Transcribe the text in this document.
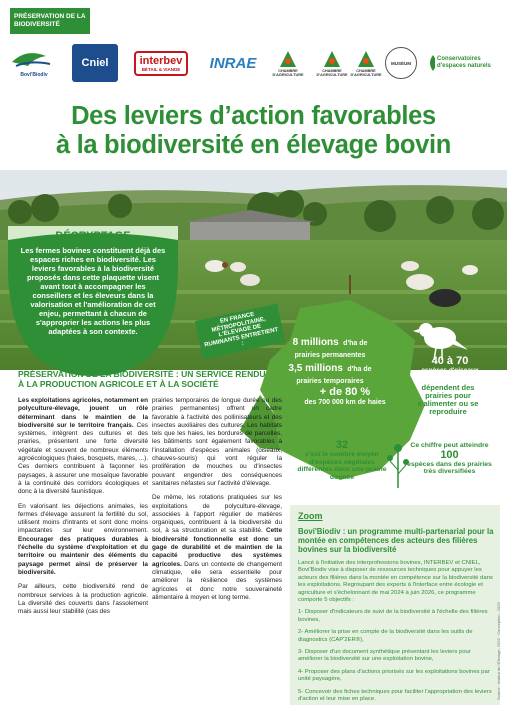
PRÉSERVATION DE LA BIODIVERSITÉ
Bovi'Biodiv
Cniel	interbev
BÉTAIL & VIANDE	INRAE	CHAMBRE D'AGRICULTURE
CHAMBRE D'AGRICULTURE
CHAMBRE D'AGRICULTURE
MUSÉUM
Conservatoires d'espaces naturels
Des leviers d’action favorables
à la biodiversité en élevage bovin
DÉCRYPTAGE
Les fermes bovines constituent déjà des espaces riches en biodiversité. Les leviers favorables à la biodiversité proposés dans cette plaquette visent avant tout à accompagner les conseillers et les éleveurs dans la valorisation et l'amélioration de cet enjeu, permettant à chacun de s'approprier les actions les plus adaptées à son contexte.
EN FRANCE MÉTROPOLITAINE, L'ÉLEVAGE DE RUMINANTS ENTRETIENT :	8 millions d'ha de prairies permanentes
3,5 millions d'ha de prairies temporaires
+ de 80 %
des 700 000 km de haies
40 à 70
espèces d'oiseaux
dépendent des prairies pour s'alimenter ou se reproduire
32
c'est le nombre moyen d'espèces végétales différentes dans une prairie donnée
Ce chiffre peut atteindre
100
espèces dans des prairies très diversifiées
PRÉSERVATION DE LA BIODIVERSITÉ : UN SERVICE RENDU
À LA PRODUCTION AGRICOLE ET À LA SOCIÉTÉ

Les exploitations agricoles, notamment en polyculture-élevage, jouent un rôle déterminant dans le maintien de la biodiversité sur le territoire français. Ces systèmes, intègrent des cultures et des prairies, présentent une forte diversité végétale et souvent de nombreux éléments agroécologiques (haies, bosquets, mares, ...). Ces derniers contribuent à façonner les paysages, à assurer une mosaïque favorable à la continuité des corridors écologiques et donc à la diversité faunistique.

En valorisant les déjections animales, les fermes d'élevage assurent la fertilité du sol, utilisent moins d'intrants et sont donc moins impactantes sur leur environnement. Encourager des pratiques durables à l'échelle du système d'exploitation et du territoire ou maintenir des éléments du paysage permet ainsi de préserver la biodiversité.

Par ailleurs, cette biodiversité rend de nombreux services à la production agricole. La diversité des couverts dans l'assolement mais aussi leur stabilité (cas des

prairies temporaires de longue durée ou des prairies permanentes) offrent un cadre favorable à l'activité des pollinisateurs et des insectes auxiliaires des cultures. Les habitats tels que les haies, les bordures de parcelles, les bâtiments sont également favorables à l'installation d'espèces animales (oiseaux, chauves-souris) qui vont réguler la prolifération de mouches ou d'insectes pouvant engendrer des conséquences sanitaires néfastes sur l'activité d'élevage.

De même, les rotations pratiquées sur les exploitations de polyculture-élevage, associées à l'apport régulier de matières organiques, contribuent à la biodiversité du sol, à sa structuration et sa stabilité. Cette biodiversité fonctionnelle est donc un gage de durabilité et de maintien de la capacité productive des systèmes agricoles. Dans un contexte de changement climatique, elle sera essentielle pour améliorer la résilience des systèmes agricoles et donc notre souveraineté alimentaire à moyen et long terme.

Zoom
Bovi'Biodiv : un programme multi-partenarial pour la montée en compétences des acteurs des filières bovines sur la biodiversité

Lancé à l'initiative des interprofessions bovines, INTERBEV et CNIEL, Bovi'Biodiv vise à disposer de ressources techniques pour appuyer les acteurs des filières dans la montée en compétence sur la biodiversité dans les exploitations. Regroupant des experts à l'interface entre écologie et agriculture et s'échelonnant de mai 2024 à juin 2026, ce programme comporte 5 objectifs :

1- Disposer d'indicateurs de suivi de la biodiversité à l'échelle des filières bovines,

2- Améliorer la prise en compte de la biodiversité dans les outils de diagnostics (CAP'2ER®),

3- Disposer d'un document synthétique présentant les leviers pour améliorer la biodiversité sur une exploitation bovine,

4- Proposer des plans d'actions priorisés sur les exploitations bovines par unité paysagère,

5- Concevoir des fiches techniques pour faciliter l'appropriation des leviers d'action et leur mise en place.	Source : Institut de l'Élevage, 2025 · Conception : 2025
